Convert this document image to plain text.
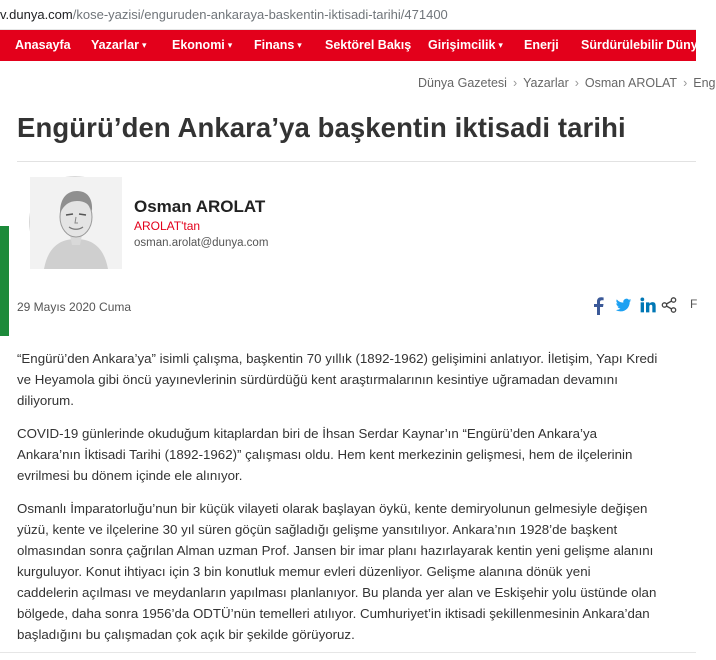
v.dunya.com/kose-yazisi/enguruden-ankaraya-baskentin-iktisadi-tarihi/471400
Anasayfa Yazarlar ▾ Ekonomi ▾ Finans ▾ Sektörel Bakış Girişimcilik ▾ Enerji Sürdürülebilir Dünya
Dünya Gazetesi › Yazarlar › Osman AROLAT › Eng
Engürü’den Ankara’ya başkentin iktisadi tarihi
Osman AROLAT
AROLAT'tan
osman.arolat@dunya.com
29 Mayıs 2020 Cuma	F
“Engürü’den Ankara’ya” isimli çalışma, başkentin 70 yıllık (1892-1962) gelişimini anlatıyor. İletişim, Yapı Kredi
ve Heyamola gibi öncü yayınevlerinin sürdürdüğü kent araştırmalarının kesintiye uğramadan devamını
diliyorum.
COVID-19 günlerinde okuduğum kitaplardan biri de İhsan Serdar Kaynar’ın “Engürü’den Ankara’ya
Ankara’nın İktisadi Tarihi (1892-1962)” çalışması oldu. Hem kent merkezinin gelişmesi, hem de ilçelerinin
evrilmesi bu dönem içinde ele alınıyor.
Osmanlı İmparatorluğu’nun bir küçük vilayeti olarak başlayan öykü, kente demiryolunun gelmesiyle değişen
yüzü, kente ve ilçelerine 30 yıl süren göçün sağladığı gelişme yansıtılıyor. Ankara’nın 1928’de başkent
olmasından sonra çağrılan Alman uzman Prof. Jansen bir imar planı hazırlayarak kentin yeni gelişme alanını
kurguluyor. Konut ihtiyacı için 3 bin konutluk memur evleri düzenliyor. Gelişme alanına dönük yeni
caddelerin açılması ve meydanların yapılması planlanıyor. Bu planda yer alan ve Eskişehir yolu üstünde olan
bölgede, daha sonra 1956’da ODTÜ’nün temelleri atılıyor. Cumhuriyet’in iktisadi şekillenmesinin Ankara’dan
başladığını bu çalışmadan çok açık bir şekilde görüyoruz.
